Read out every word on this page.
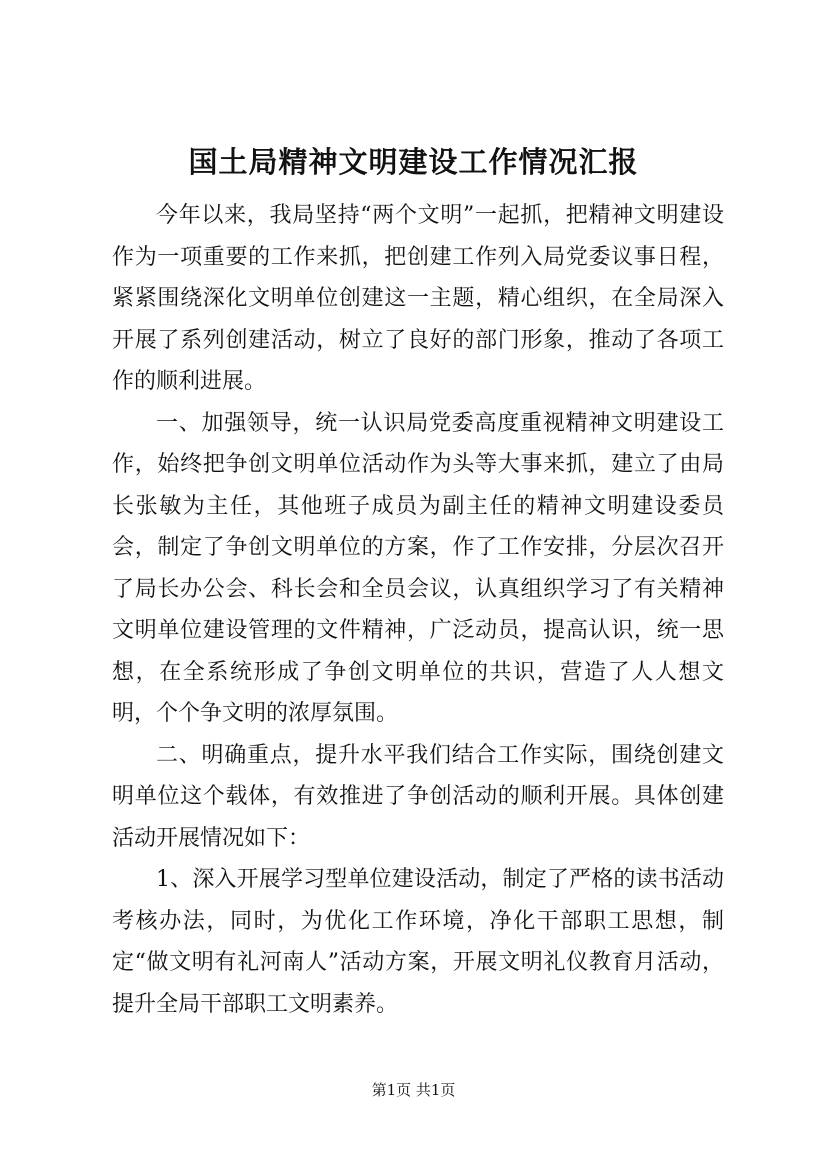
国土局精神文明建设工作情况汇报

今年以来，我局坚持“两个文明”一起抓，把精神文明建设作为一项重要的工作来抓，把创建工作列入局党委议事日程，紧紧围绕深化文明单位创建这一主题，精心组织，在全局深入开展了系列创建活动，树立了良好的部门形象，推动了各项工作的顺利进展。

一、加强领导，统一认识局党委高度重视精神文明建设工作，始终把争创文明单位活动作为头等大事来抓，建立了由局长张敏为主任，其他班子成员为副主任的精神文明建设委员会，制定了争创文明单位的方案，作了工作安排，分层次召开了局长办公会、科长会和全员会议，认真组织学习了有关精神文明单位建设管理的文件精神，广泛动员，提高认识，统一思想，在全系统形成了争创文明单位的共识，营造了人人想文明，个个争文明的浓厚氛围。

二、明确重点，提升水平我们结合工作实际，围绕创建文明单位这个载体，有效推进了争创活动的顺利开展。具体创建活动开展情况如下：

1、深入开展学习型单位建设活动，制定了严格的读书活动考核办法，同时，为优化工作环境，净化干部职工思想，制定“做文明有礼河南人”活动方案，开展文明礼仪教育月活动，提升全局干部职工文明素养。

第1页 共1页
